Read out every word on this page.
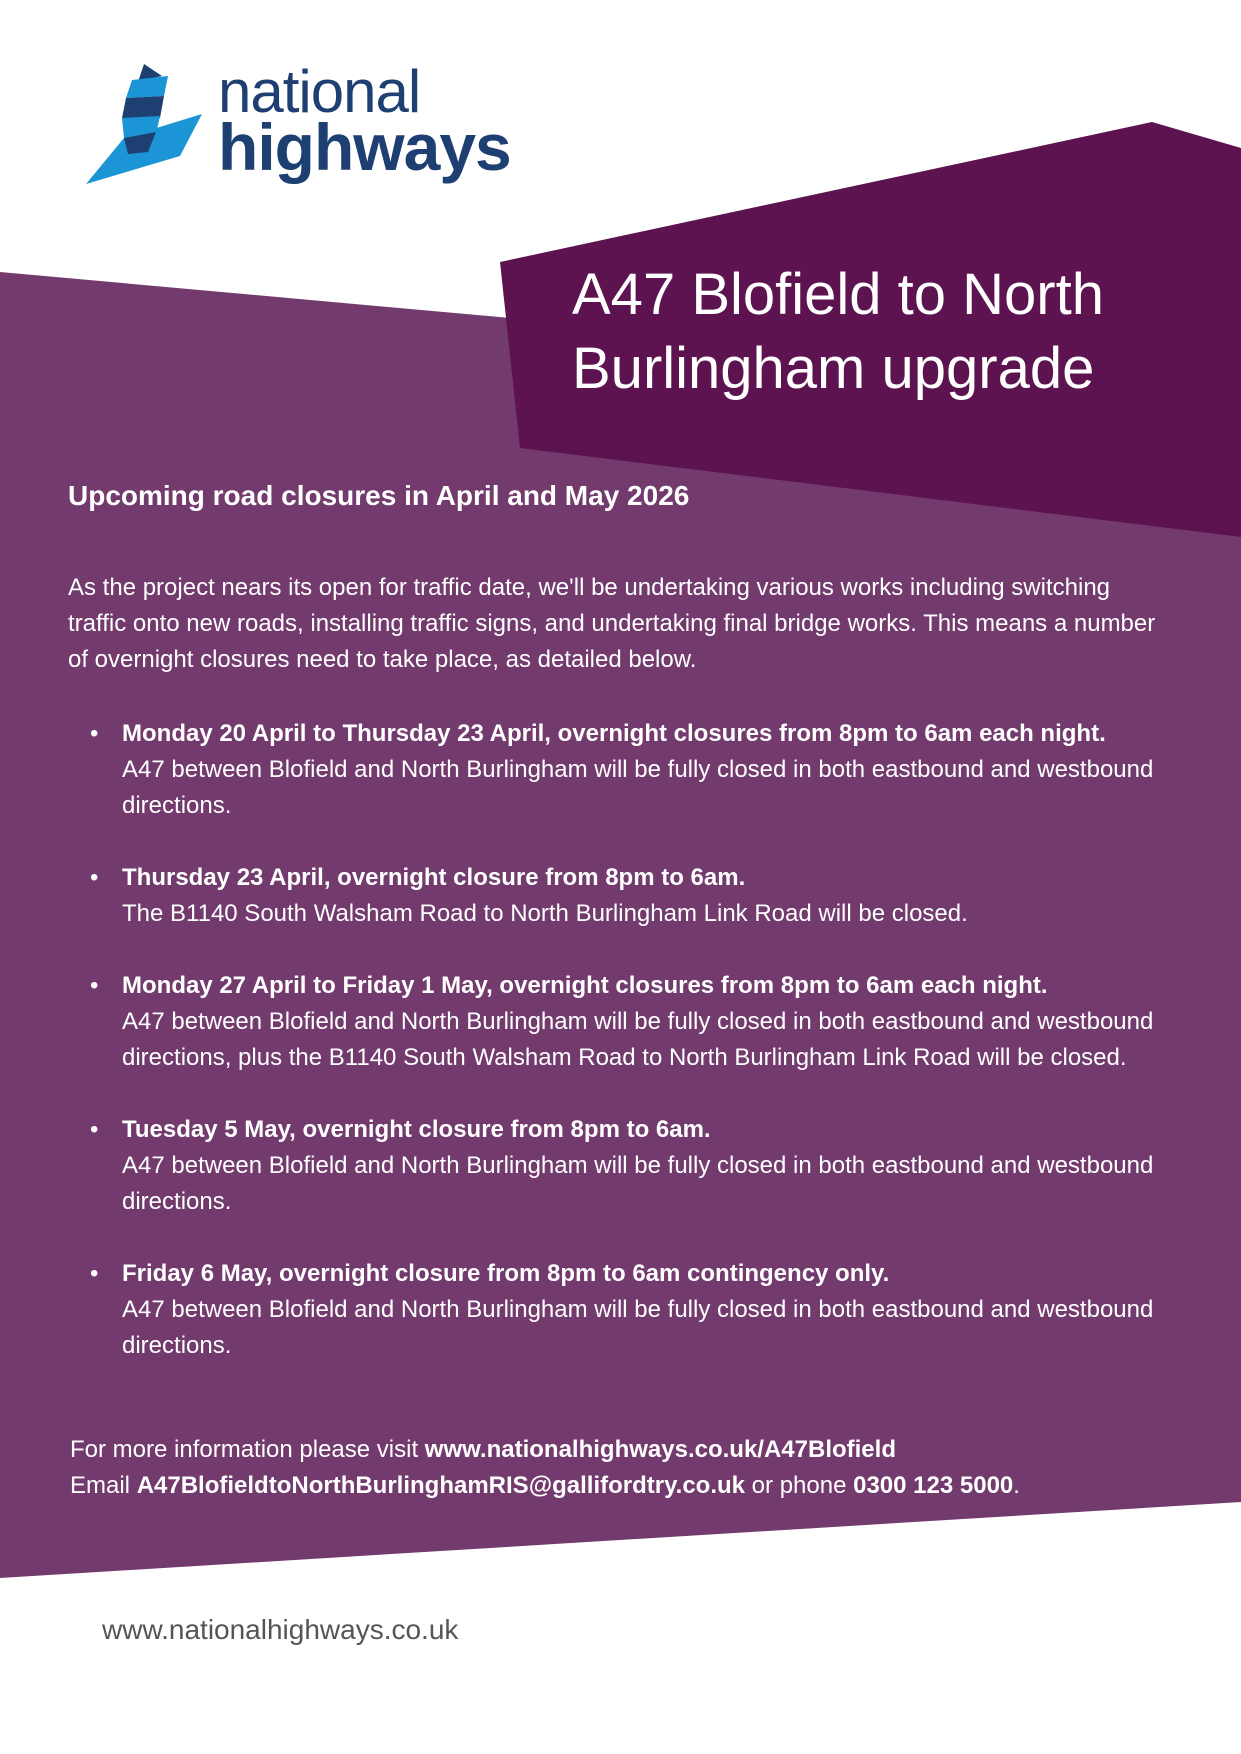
national
highways
A47 Blofield to North Burlingham upgrade
Upcoming road closures in April and May 2026

As the project nears its open for traffic date, we'll be undertaking various works including switching traffic onto new roads, installing traffic signs, and undertaking final bridge works. This means a number of overnight closures need to take place, as detailed below.

• Monday 20 April to Thursday 23 April, overnight closures from 8pm to 6am each night.
A47 between Blofield and North Burlingham will be fully closed in both eastbound and westbound directions.
• Thursday 23 April, overnight closure from 8pm to 6am.
The B1140 South Walsham Road to North Burlingham Link Road will be closed.
• Monday 27 April to Friday 1 May, overnight closures from 8pm to 6am each night.
A47 between Blofield and North Burlingham will be fully closed in both eastbound and westbound directions, plus the B1140 South Walsham Road to North Burlingham Link Road will be closed.
• Tuesday 5 May, overnight closure from 8pm to 6am.
A47 between Blofield and North Burlingham will be fully closed in both eastbound and westbound directions.
• Friday 6 May, overnight closure from 8pm to 6am contingency only.
A47 between Blofield and North Burlingham will be fully closed in both eastbound and westbound directions.
For more information please visit www.nationalhighways.co.uk/A47Blofield
Email A47BlofieldtoNorthBurlinghamRIS@gallifordtry.co.uk or phone 0300 123 5000.
www.nationalhighways.co.uk
